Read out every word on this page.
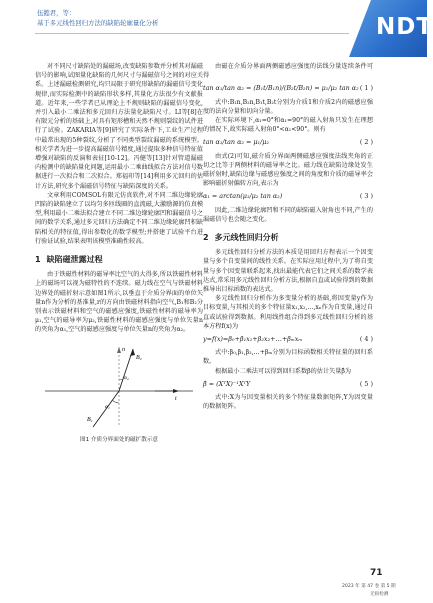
伍懿君，等：
基于多元线性回归方法的缺陷轮廓量化分析	NDT

对不同尺寸缺陷处的漏磁场,改变缺陷参数并分析其对漏磁信号的影响,试图量化缺陷的几何尺寸与漏磁信号之间的对应关系。上述漏磁检测研究,均只局限于研究形缺陷的漏磁信号变化规律,而实际检测中的缺陷形状多样,其量化方法很少有文献报道。近年来,一些学者已从理论上不规则缺陷的漏磁信号变化,并引入最小二乘法和多元回归方法量化缺陷尺寸。LI等[8]在有限元分析的基础上,对具有矩形槽和天然不规则裂纹的试件进行了试验。ZAKARIA等[9]研究了实际条件下,工业生产过程中最常出现的5种裂纹,分析了不同类型裂纹漏磁的系统模型。相关学者为进一步提高漏磁信号精度,通过提取多种信号特征值增强对缺陷的反演和表征[10-12]。冯健等[13]针对管道漏磁内检测中的缺陷量化问题,运用最小二乘曲线拟合方法对信号数据进行一次拟合和二次拟合。郑福印等[14]利用多元回归的估计方法,研究多个漏磁信号特征与缺陷深度的关系。

文章利用COMSOL有限元仿真软件,对不同二维边缘轮廓凹陷的缺陷建立了以均匀多匝线圈的直流磁,大激励源的仿真模型,利用最小二乘法拟合建立不同二维边缘轮廓凹和漏磁信号之间的数学关系,通过多元回归方法确定不同二维边缘轮廓凹积缺陷相关的特征值,得出参数化的数学模型;并搭建了试验平台进行验证试验,结果表明该模型准确性较高。

1 缺陷磁泄露过程

由于铁磁性材料的磁导率比空气的大得多,所以铁磁性材料上的磁场可以视为磁特性的不连续。磁力线在空气与铁磁材料边界处的磁折射示意如图1所示,以垂直于介质分界面的单位矢量n作为分析的基准量,r的方向由铁磁材料指向空气,B₁和B₂分别表示铁磁材料和空气的磁感应强度,铁磁性材料的磁导率为μ₁,空气的磁导率为μ₂,铁磁性材料的磁感应强度与单位矢量n的夹角为α₁,空气的磁感应强度与单位矢量n的夹角为α₂。

n
α₁
α₂
B₁
B₂
t
图1 介质分界面处的磁扩散示意

由磁在介质分界面两侧磁感应强度的法线分量连续条件可得

tan α₁/tan α₂ = (B₁t/B₁n)/(B₂t/B₂n) = μ₁/μ₂ tan α₂ ( 1 )

式中:B₁n,B₂n,B₁t,B₂t分别为介质1和介质2内的磁感应强度的法向分量和切向分量。

在实际环境下,α₁=0°和α₁=90°的磁入射角只发生在理想的情况下,故实际磁入射角0°<α₁<90°。则有

tan α₁/tan α₂ = μ₁/μ₂	( 2 )

由式(2)可知,磁介质分界面两侧磁感应强度法线夹角的正切之比等于两侧材料的磁导率之比。磁力线在缺陷边缘处发生磁折射时,缺陷边缘与磁感应强度之间的角度和介质的磁导率会影响磁折射偏转方向,表示为

α₁ = arctan(μ₁/μ₂ tan α₂)	( 3 )

因此,二维边缘轮廓凹和不同的缺陷磁入射角也不同,产生的漏磁信号也会随之变化。

2 多元线性回归分析

多元线性回归分析方法的本质是用回归方程表示一个因变量与多个自变量间的线性关系。在实际应用过程中,为了将自变量与多个因变量联系起来,找出最能代表它们之间关系的数学表达式,常采用多元线性回归分析方法,根据自直或试验得到的数据推导出目标函数的表达式。

多元线性回归分析作为多变量分析的基础,将因变量y作为目标变量,与其相关的多个特征量x₁,x₂,…,xₙ作为自变量,通过自直或试验得到数据。利用线性组合得到多元线性回归分析的基本方程f(x)为

y=f(x)=β₀+β₁x₁+β₂x₂+…+βₘxₘ	( 4 )

式中:β₀,β₁,β₂,…+βₘ分别为目标函数相关特征量的回归系数。

根据最小二乘法可以得到回归系数β的估计矢量β̂为

β̂ = (XᵀX)⁻¹XᵀY	( 5 )

式中:X为与因变量相关的多个特征量数据矩阵,Y为因变量的数据矩阵。

71
2023 年 第 47 卷 第 5 期
无损检测
